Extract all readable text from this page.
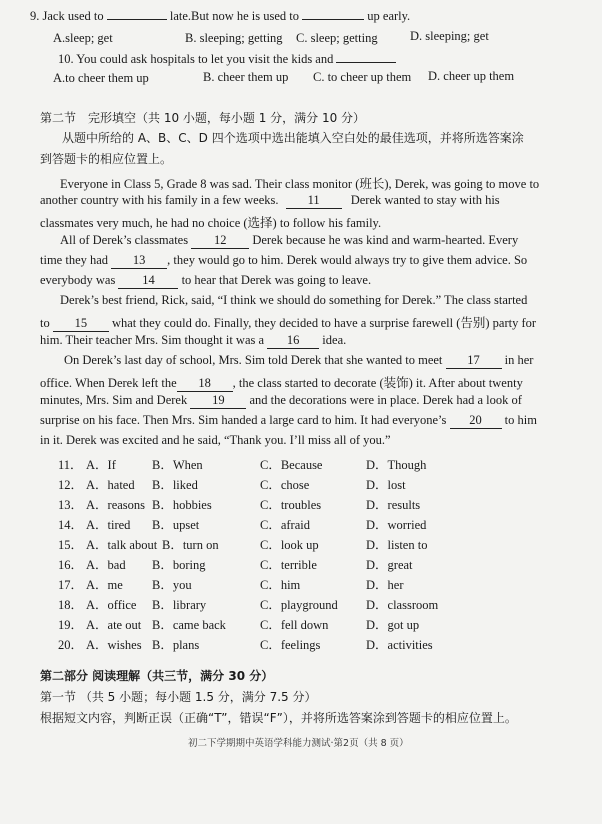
9. Jack used to	late.But now he is used to	up early.
A.sleep; get	B. sleeping; getting C. sleep; getting	D. sleeping; get
10. You could ask hospitals to let you visit the kids and
A.to cheer them up	B. cheer them up C. to cheer up them D. cheer up them
第二节　完形填空（共 10 小题，每小题 1 分，满分 10 分）
从题中所给的 A、B、C、D 四个选项中选出能填入空白处的最佳选项，并将所选答案涂
到答题卡的相应位置上。
Everyone in Class 5, Grade 8 was sad. Their class monitor (班长), Derek, was going to move to
another country with his family in a few weeks. 11 Derek wanted to stay with his
classmates very much, he had no choice (选择) to follow his family.
All of Derek’s classmates 12 Derek because he was kind and warm-hearted. Every
time they had 13 , they would go to him. Derek would always try to give them advice. So
everybody was 14 to hear that Derek was going to leave.
Derek’s best friend, Rick, said, “I think we should do something for Derek.” The class started
to 15 what they could do. Finally, they decided to have a surprise farewell (告别) party for
him. Their teacher Mrs. Sim thought it was a 16 idea.
On Derek’s last day of school, Mrs. Sim told Derek that she wanted to meet 17 in her
office. When Derek left the 18 , the class started to decorate (装饰) it. After about twenty
minutes, Mrs. Sim and Derek 19 and the decorations were in place. Derek had a look of
surprise on his face. Then Mrs. Sim handed a large card to him. It had everyone’s 20 to him
in it. Derek was excited and he said, “Thank you. I’ll miss all of you.”
11． A．If	B．When	C．Because	D．Though
12． A．hated B．liked	C．chose	D．lost
13． A．reasons B．hobbies	C．troubles	D．results
14． A．tired B．upset	C．afraid	D．worried
15． A．talk about B．turn on	C．look up	D．listen to
16． A．bad B．boring	C．terrible	D．great
17． A．me B．you	C．him	D．her
18． A．office B．library	C．playground D．classroom
19． A．ate out B．came back	C．fell down	D．got up
20． A．wishes B．plans	C．feelings	D．activities
第二部分 阅读理解（共三节，满分 30 分）
第一节 （共 5 小题；每小题 1.5 分，满分 7.5 分）
根据短文内容，判断正误（正确“T”，错误“F”），并将所选答案涂到答题卡的相应位置上。
初二下学期期中英语学科能力测试·第2页（共 8 页）
